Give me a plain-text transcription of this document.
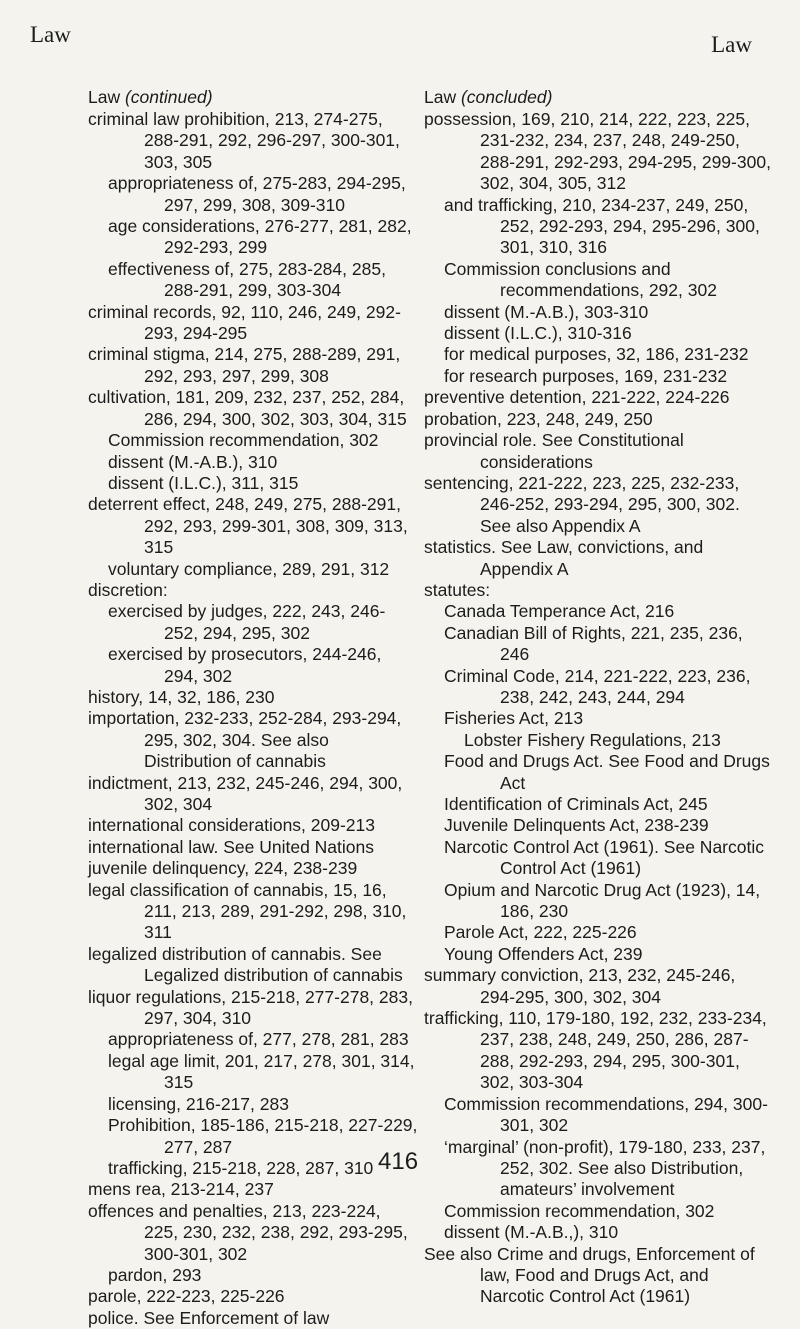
Law	Law
Law (continued)
criminal law prohibition, 213, 274-275, 288-291, 292, 296-297, 300-301, 303, 305
appropriateness of, 275-283, 294-295, 297, 299, 308, 309-310
age considerations, 276-277, 281, 282, 292-293, 299
effectiveness of, 275, 283-284, 285, 288-291, 299, 303-304
criminal records, 92, 110, 246, 249, 292-293, 294-295
criminal stigma, 214, 275, 288-289, 291, 292, 293, 297, 299, 308
cultivation, 181, 209, 232, 237, 252, 284, 286, 294, 300, 302, 303, 304, 315
Commission recommendation, 302
dissent (M.-A.B.), 310
dissent (I.L.C.), 311, 315
deterrent effect, 248, 249, 275, 288-291, 292, 293, 299-301, 308, 309, 313, 315
voluntary compliance, 289, 291, 312
discretion:
exercised by judges, 222, 243, 246-252, 294, 295, 302
exercised by prosecutors, 244-246, 294, 302
history, 14, 32, 186, 230
importation, 232-233, 252-284, 293-294, 295, 302, 304. See also Distribution of cannabis
indictment, 213, 232, 245-246, 294, 300, 302, 304
international considerations, 209-213
international law. See United Nations
juvenile delinquency, 224, 238-239
legal classification of cannabis, 15, 16, 211, 213, 289, 291-292, 298, 310, 311
legalized distribution of cannabis. See Legalized distribution of cannabis
liquor regulations, 215-218, 277-278, 283, 297, 304, 310
appropriateness of, 277, 278, 281, 283
legal age limit, 201, 217, 278, 301, 314, 315
licensing, 216-217, 283
Prohibition, 185-186, 215-218, 227-229, 277, 287
trafficking, 215-218, 228, 287, 310
mens rea, 213-214, 237
offences and penalties, 213, 223-224, 225, 230, 232, 238, 292, 293-295, 300-301, 302
pardon, 293
parole, 222-223, 225-226
police. See Enforcement of law
Law (concluded)
possession, 169, 210, 214, 222, 223, 225, 231-232, 234, 237, 248, 249-250, 288-291, 292-293, 294-295, 299-300, 302, 304, 305, 312
and trafficking, 210, 234-237, 249, 250, 252, 292-293, 294, 295-296, 300, 301, 310, 316
Commission conclusions and recommendations, 292, 302
dissent (M.-A.B.), 303-310
dissent (I.L.C.), 310-316
for medical purposes, 32, 186, 231-232
for research purposes, 169, 231-232
preventive detention, 221-222, 224-226
probation, 223, 248, 249, 250
provincial role. See Constitutional considerations
sentencing, 221-222, 223, 225, 232-233, 246-252, 293-294, 295, 300, 302. See also Appendix A
statistics. See Law, convictions, and Appendix A
statutes:
Canada Temperance Act, 216
Canadian Bill of Rights, 221, 235, 236, 246
Criminal Code, 214, 221-222, 223, 236, 238, 242, 243, 244, 294
Fisheries Act, 213
Lobster Fishery Regulations, 213
Food and Drugs Act. See Food and Drugs Act
Identification of Criminals Act, 245
Juvenile Delinquents Act, 238-239
Narcotic Control Act (1961). See Narcotic Control Act (1961)
Opium and Narcotic Drug Act (1923), 14, 186, 230
Parole Act, 222, 225-226
Young Offenders Act, 239
summary conviction, 213, 232, 245-246, 294-295, 300, 302, 304
trafficking, 110, 179-180, 192, 232, 233-234, 237, 238, 248, 249, 250, 286, 287-288, 292-293, 294, 295, 300-301, 302, 303-304
Commission recommendations, 294, 300-301, 302
‘marginal’ (non-profit), 179-180, 233, 237, 252, 302. See also Distribution, amateurs’ involvement
Commission recommendation, 302
dissent (M.-A.B.,), 310
See also Crime and drugs, Enforcement of law, Food and Drugs Act, and Narcotic Control Act (1961)
416
